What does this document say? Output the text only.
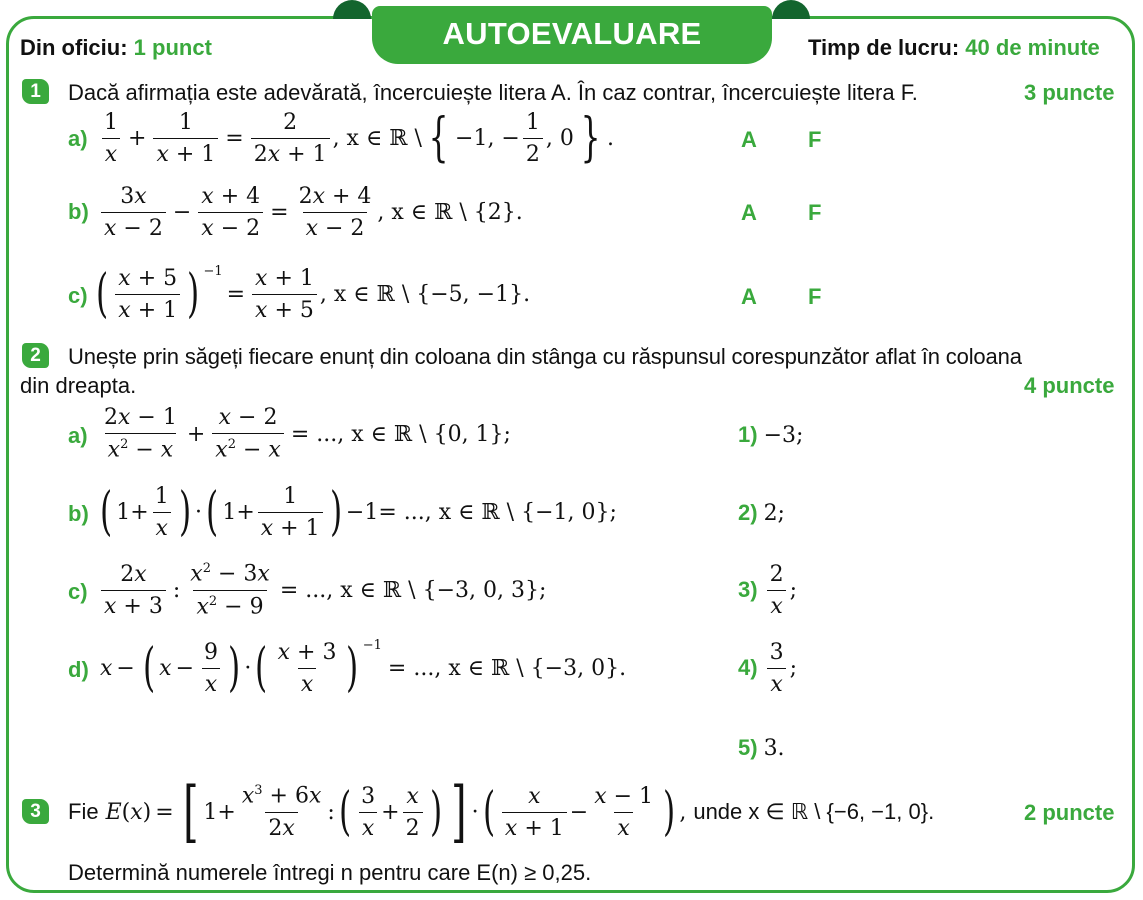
AUTOEVALUARE
Din oficiu: 1 punct	Timp de lucru: 40 de minute
1	Dacă afirmația este adevărată, încercuiește litera A. În caz contrar, încercuiește litera F.	3 puncte
$a) \frac{1}{x} + \frac{1}{x + 1} = \frac{2}{2x + 1}$ , x ∈ ℝ \ { −1, − $\frac{1}{2}$ , 0 } .	A F
$b) \frac{3x}{x - 2} - \frac{x + 4}{x - 2} = \frac{2x + 4}{x - 2}$ , x ∈ ℝ \ {2}.	A F
c) ( $\frac{x + 5}{x + 1}$ ) $^{-1}$
= $\frac{x + 1}{x + 5}$ , x ∈ ℝ \ {−5, −1}.	A F
2	Unește prin săgeți fiecare enunț din coloana din stânga cu răspunsul corespunzător aflat în coloana
din dreapta.	4 puncte
$a) \frac{2x - 1}{x^2 - x} + \frac{x - 2}{x^2 - x}$ = ..., x ∈ ℝ \ {0, 1};
b) ( $1+ \frac{1}{x}$ ) · ( $1+ \frac{1}{x + 1}$ ) −1= ..., x ∈ ℝ \ {−1, 0};
$c) \frac{2x}{x + 3}$ : $\frac{x^2 - 3x}{x^2 - 9}$ = ..., x ∈ ℝ \ {−3, 0, 3};
d) x − ( $x - \frac{9}{x}$ ) · ( $\frac{x + 3}{x}$ ) $^{-1}$
= ..., x ∈ ℝ \ {−3, 0}.
1) −3;
2) 2;
$3) \frac{2}{x}$ ;
$4) \frac{3}{x}$ ;
5) 3.
3	Fie
E ( x ) = [ $1+ \frac{x^3 + 6x}{2x}$ : ( $\frac{3}{x} + \frac{x}{2}$ ) ] · ( $\frac{x}{x + 1} - \frac{x - 1}{x}$ ) , unde x ∈ ℝ \ {−6, −1, 0}.	2 puncte
Determină numerele întregi n pentru care E(n) ≥ 0,25.
